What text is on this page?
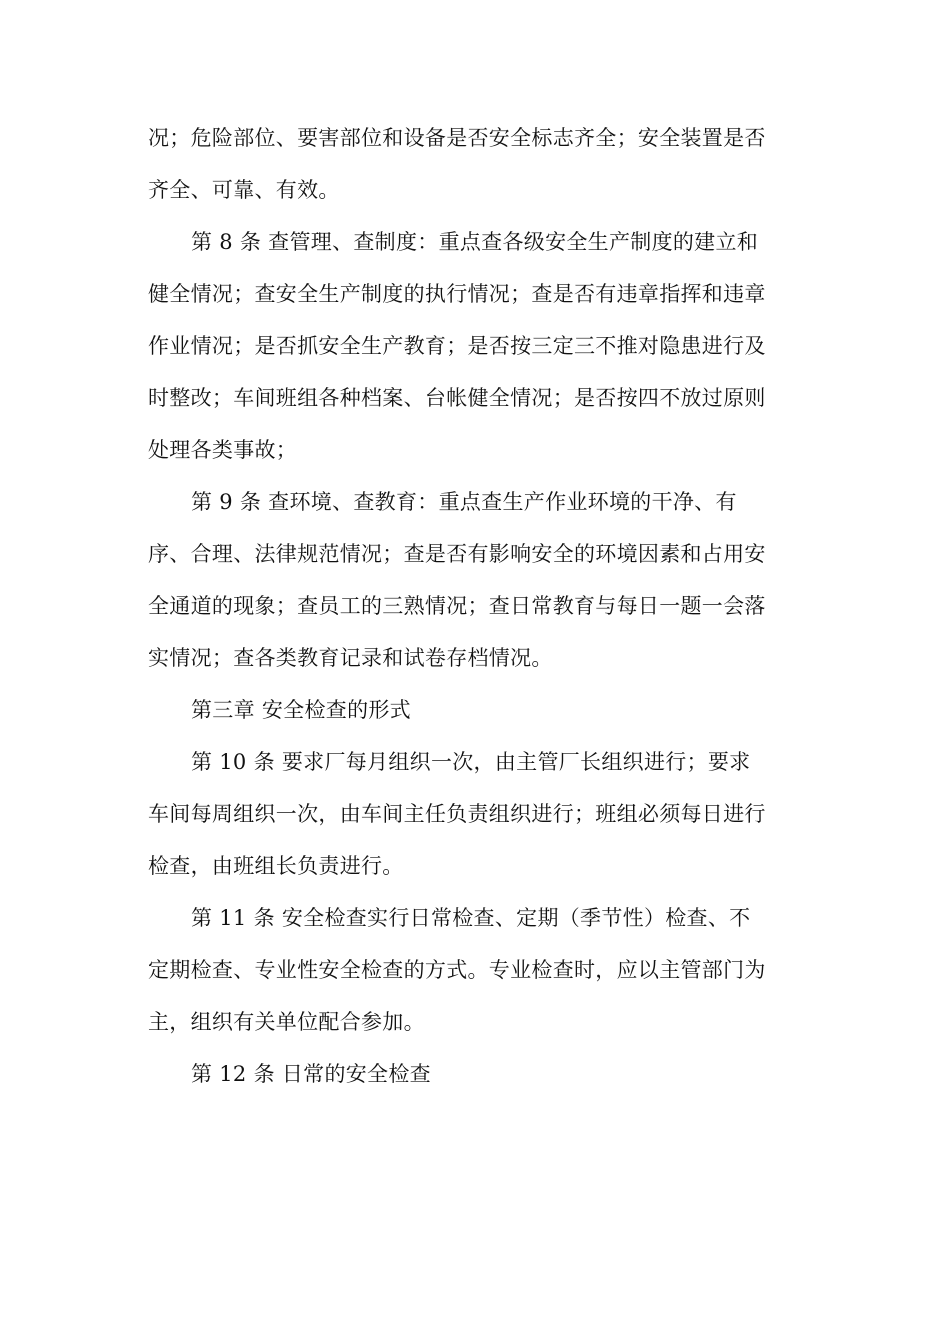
况；危险部位、要害部位和设备是否安全标志齐全；安全装置是否
齐全、可靠、有效。
第 8 条 查管理、查制度：重点查各级安全生产制度的建立和
健全情况；查安全生产制度的执行情况；查是否有违章指挥和违章
作业情况；是否抓安全生产教育；是否按三定三不推对隐患进行及
时整改；车间班组各种档案、台帐健全情况；是否按四不放过原则
处理各类事故；
第 9 条 查环境、查教育：重点查生产作业环境的干净、有
序、合理、法律规范情况；查是否有影响安全的环境因素和占用安
全通道的现象；查员工的三熟情况；查日常教育与每日一题一会落
实情况；查各类教育记录和试卷存档情况。
第三章 安全检查的形式
第 10 条 要求厂每月组织一次，由主管厂长组织进行；要求
车间每周组织一次，由车间主任负责组织进行；班组必须每日进行
检查，由班组长负责进行。
第 11 条 安全检查实行日常检查、定期（季节性）检查、不
定期检查、专业性安全检查的方式。专业检查时，应以主管部门为
主，组织有关单位配合参加。
第 12 条 日常的安全检查
